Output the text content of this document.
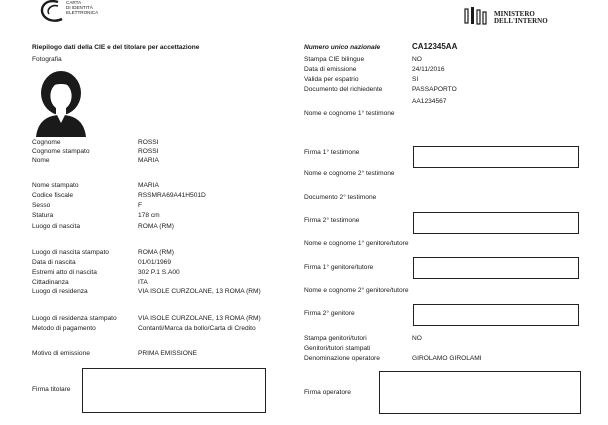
CARTA
DI IDENTITÀ
ELETTRONICA	MINISTERO
DELL'INTERNO
Riepilogo dati della CIE e del titolare per accettazione
Fotografia
Cognome	ROSSI
Cognome stampato	ROSSI
Nome	MARIA
Nome stampato	MARIA
Codice fiscale	RSSMRA69A41H501D
Sesso	F
Statura	178 cm
Luogo di nascita	ROMA (RM)
Luogo di nascita stampato	ROMA (RM)
Data di nascita	01/01/1969
Estremi atto di nascita	302 P.1 S.A00
Cittadinanza	ITA
Luogo di residenza	VIA ISOLE CURZOLANE, 13 ROMA (RM)
Luogo di residenza stampato	VIA ISOLE CURZOLANE, 13 ROMA (RM)
Metodo di pagamento	Contanti/Marca da bollo/Carta di Credito
Motivo di emissione	PRIMA EMISSIONE
Firma titolare
Numero unico nazionale	CA12345AA
Stampa CIE bilingue	NO
Data di emissione	24/11/2016
Valida per espatrio	SI
Documento del richiedente	PASSAPORTO
AA1234567
Nome e cognome 1° testimone
Firma 1° testimone
Nome e cognome 2° testimone
Documento 2° testimone
Firma 2° testimone
Nome e cognome 1° genitore/tutore
Firma 1° genitore/tutore
Nome e cognome 2° genitore/tutore
Firma 2° genitore
Stampa genitori/tutori	NO
Genitori/tutori stampati
Denominazione operatore	GIROLAMO GIROLAMI
Firma operatore
